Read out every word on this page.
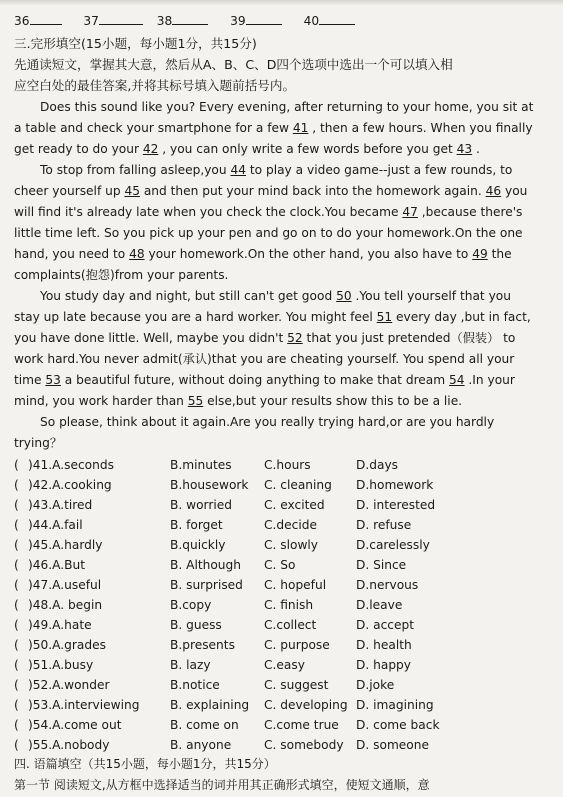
36	37	38	39	40
三.完形填空(15小题，每小题1分，共15分)
先通读短文，掌握其大意，然后从A、B、C、D四个选项中选出一个可以填入相
应空白处的最佳答案,并将其标号填入题前括号内。
Does this sound like you? Every evening, after returning to your home, you sit at
a table and check your smartphone for a few 41 , then a few hours. When you finally
get ready to do your 42 , you can only write a few words before you get 43 .
To stop from falling asleep,you 44 to play a video game--just a few rounds, to
cheer yourself up 45 and then put your mind back into the homework again. 46 you
will find it's already late when you check the clock.You became 47 ,because there's
little time left. So you pick up your pen and go on to do your homework.On the one
hand, you need to 48 your homework.On the other hand, you also have to 49 the
complaints(抱怨)from your parents.
You study day and night, but still can't get good 50 .You tell yourself that you
stay up late because you are a hard worker. You might feel 51 every day ,but in fact,
you have done little. Well, maybe you didn't 52 that you just pretended（假装） to
work hard.You never admit(承认)that you are cheating yourself. You spend all your
time 53 a beautiful future, without doing anything to make that dream 54 .In your
mind, you work harder than 55 else,but your results show this to be a lie.
So please, think about it again.Are you really trying hard,or are you hardly
trying？
( )41.A.seconds	B.minutes	C.hours	D.days
( )42.A.cooking	B.housework C. cleaning D.homework
( )43.A.tired	B. worried	C. excited	D. interested
( )44.A.fail	B. forget	C.decide	D. refuse
( )45.A.hardly	B.quickly	C. slowly	D.carelessly
( )46.A.But	B. Although C. So	D. Since
( )47.A.useful	B. surprised C. hopeful D.nervous
( )48.A. begin	B.copy	C. finish	D.leave
( )49.A.hate	B. guess	C.collect	D. accept
( )50.A.grades	B.presents C. purpose D. health
( )51.A.busy	B. lazy	C.easy	D. happy
( )52.A.wonder	B.notice	C. suggest D.joke
( )53.A.interviewing	B. explaining C. developing D. imagining
( )54.A.come out	B. come on C.come true D. come back
( )55.A.nobody	B. anyone	C. somebody D. someone
四. 语篇填空（共15小题，每小题1分，共15分）
第一节 阅读短文,从方框中选择适当的词并用其正确形式填空，使短文通顺，意
